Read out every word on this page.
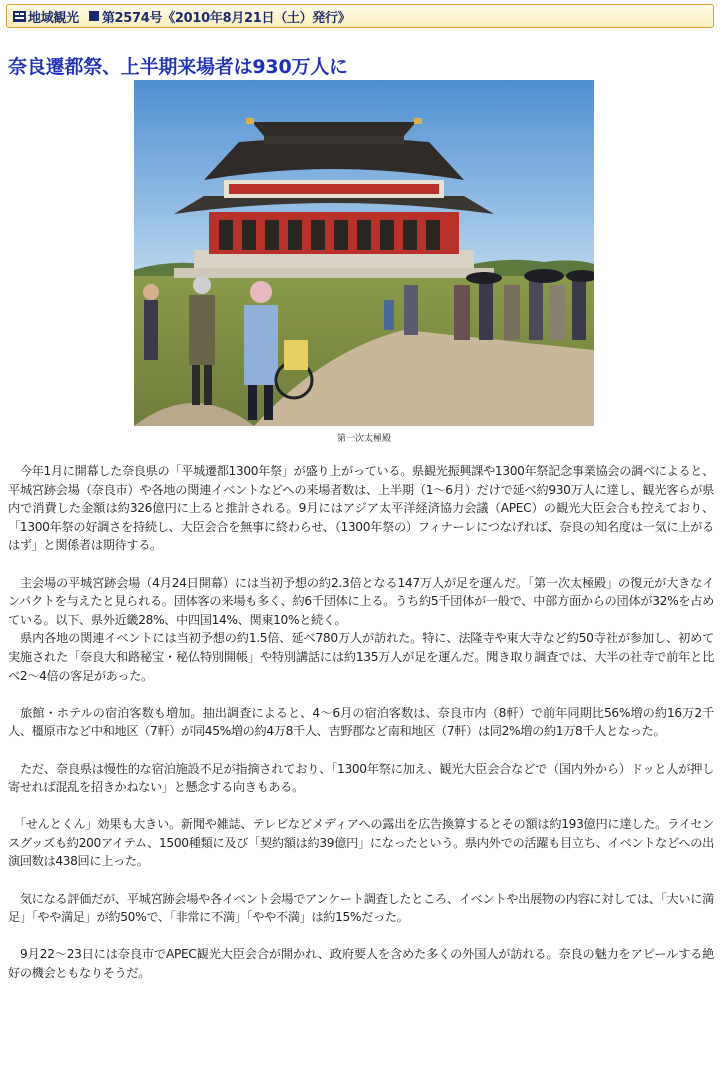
地域観光 第2574号《2010年8月21日（土）発行》
奈良遷都祭、上半期来場者は930万人に
第一次太極殿

　今年1月に開幕した奈良県の「平城遷都1300年祭」が盛り上がっている。県観光振興課や1300年祭記念事業協会の調べによると、平城宮跡会場（奈良市）や各地の関連イベントなどへの来場者数は、上半期（1〜6月）だけで延べ約930万人に達し、観光客らが県内で消費した金額は約326億円に上ると推計される。9月にはアジア太平洋経済協力会議（APEC）の観光大臣会合も控えており、「1300年祭の好調さを持続し、大臣会合を無事に終わらせ、（1300年祭の）フィナーレにつなげれば、奈良の知名度は一気に上がるはず」と関係者は期待する。

　主会場の平城宮跡会場（4月24日開幕）には当初予想の約2.3倍となる147万人が足を運んだ。「第一次太極殿」の復元が大きなインパクトを与えたと見られる。団体客の来場も多く、約6千団体に上る。うち約5千団体が一般で、中部方面からの団体が32%を占めている。以下、県外近畿28%、中四国14%、関東10%と続く。

　県内各地の関連イベントには当初予想の約1.5倍、延べ780万人が訪れた。特に、法隆寺や東大寺など約50寺社が参加し、初めて実施された「奈良大和路秘宝・秘仏特別開帳」や特別講話には約135万人が足を運んだ。聞き取り調査では、大半の社寺で前年と比べ2〜4倍の客足があった。

　旅館・ホテルの宿泊客数も増加。抽出調査によると、4〜6月の宿泊客数は、奈良市内（8軒）で前年同期比56%増の約16万2千人、橿原市など中和地区（7軒）が同45%増の約4万8千人、吉野郡など南和地区（7軒）は同2%増の約1万8千人となった。

　ただ、奈良県は慢性的な宿泊施設不足が指摘されており、「1300年祭に加え、観光大臣会合などで（国内外から）ドッと人が押し寄せれば混乱を招きかねない」と懸念する向きもある。

　「せんとくん」効果も大きい。新聞や雑誌、テレビなどメディアへの露出を広告換算するとその額は約193億円に達した。ライセンスグッズも約200アイテム、1500種類に及び「契約額は約39億円」になったという。県内外での活躍も目立ち、イベントなどへの出演回数は438回に上った。

　気になる評価だが、平城宮跡会場や各イベント会場でアンケート調査したところ、イベントや出展物の内容に対しては、「大いに満足」「やや満足」が約50%で、「非常に不満」「やや不満」は約15%だった。

　9月22〜23日には奈良市でAPEC観光大臣会合が開かれ、政府要人を含めた多くの外国人が訪れる。奈良の魅力をアピールする絶好の機会ともなりそうだ。
